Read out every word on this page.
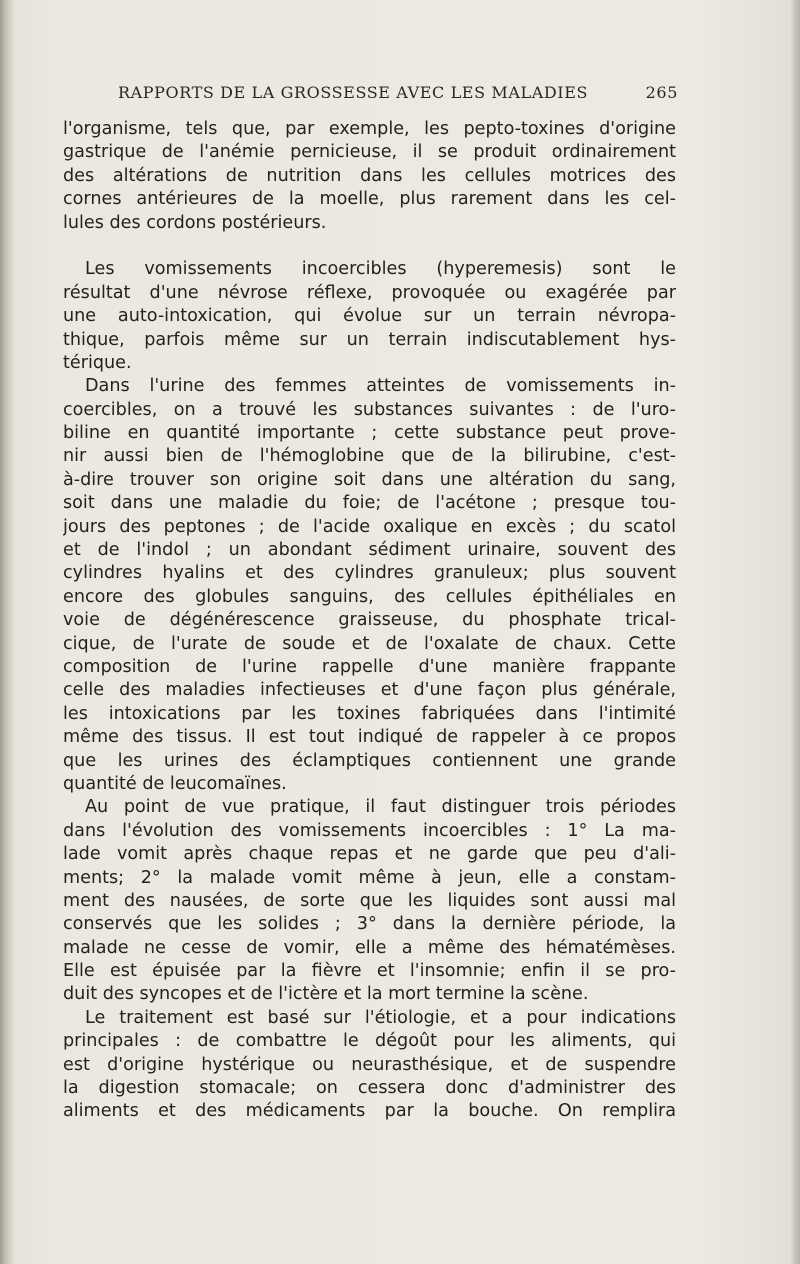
RAPPORTS DE LA GROSSESSE AVEC LES MALADIES	265
l'organisme, tels que, par exemple, les pepto-toxines d'origine
gastrique de l'anémie pernicieuse, il se produit ordinairement
des altérations de nutrition dans les cellules motrices des
cornes antérieures de la moelle, plus rarement dans les cel-
lules des cordons postérieurs.
Les vomissements incoercibles (hyperemesis) sont le
résultat d'une névrose réflexe, provoquée ou exagérée par
une auto-intoxication, qui évolue sur un terrain névropa-
thique, parfois même sur un terrain indiscutablement hys-
térique.
Dans l'urine des femmes atteintes de vomissements in-
coercibles, on a trouvé les substances suivantes : de l'uro-
biline en quantité importante ; cette substance peut prove-
nir aussi bien de l'hémoglobine que de la bilirubine, c'est-
à-dire trouver son origine soit dans une altération du sang,
soit dans une maladie du foie; de l'acétone ; presque tou-
jours des peptones ; de l'acide oxalique en excès ; du scatol
et de l'indol ; un abondant sédiment urinaire, souvent des
cylindres hyalins et des cylindres granuleux; plus souvent
encore des globules sanguins, des cellules épithéliales en
voie de dégénérescence graisseuse, du phosphate trical-
cique, de l'urate de soude et de l'oxalate de chaux. Cette
composition de l'urine rappelle d'une manière frappante
celle des maladies infectieuses et d'une façon plus générale,
les intoxications par les toxines fabriquées dans l'intimité
même des tissus. Il est tout indiqué de rappeler à ce propos
que les urines des éclamptiques contiennent une grande
quantité de leucomaïnes.
Au point de vue pratique, il faut distinguer trois périodes
dans l'évolution des vomissements incoercibles : 1° La ma-
lade vomit après chaque repas et ne garde que peu d'ali-
ments; 2° la malade vomit même à jeun, elle a constam-
ment des nausées, de sorte que les liquides sont aussi mal
conservés que les solides ; 3° dans la dernière période, la
malade ne cesse de vomir, elle a même des hématémèses.
Elle est épuisée par la fièvre et l'insomnie; enfin il se pro-
duit des syncopes et de l'ictère et la mort termine la scène.
Le traitement est basé sur l'étiologie, et a pour indications
principales : de combattre le dégoût pour les aliments, qui
est d'origine hystérique ou neurasthésique, et de suspendre
la digestion stomacale; on cessera donc d'administrer des
aliments et des médicaments par la bouche. On remplira
